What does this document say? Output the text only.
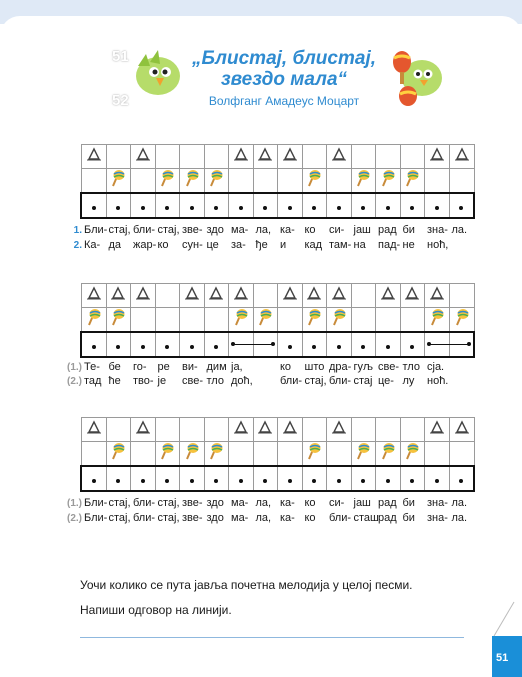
51
52
„Блистај, блистај,
звездо мала“
Волфганг Амадеус Моцарт

1. Бли-стај, бли- стај, зве- здо ма- ла, ка- ко си- јаш рад би зна- ла.
2. Ка- да жар-ко сун- це за- ђе и кад там- на пад- не ноћ,

(1.) Те- бе го- ре ви- дим ја,	ко што дра- гуљ све- тло сја.
(2.) тад ће тво- је све- тло доћ, бли- стај, бли- стај це- лу ноћ.

(1.) Бли-стај, бли- стај, зве- здо ма- ла, ка- ко си- јаш рад би зна- ла.
(2.) Бли-стај, бли- стај, зве- здо ма- ла, ка- ко бли- сташрад би зна- ла.
Уочи колико се пута јавља почетна мелодија у целој песми.
Напиши одговор на линији.
51
